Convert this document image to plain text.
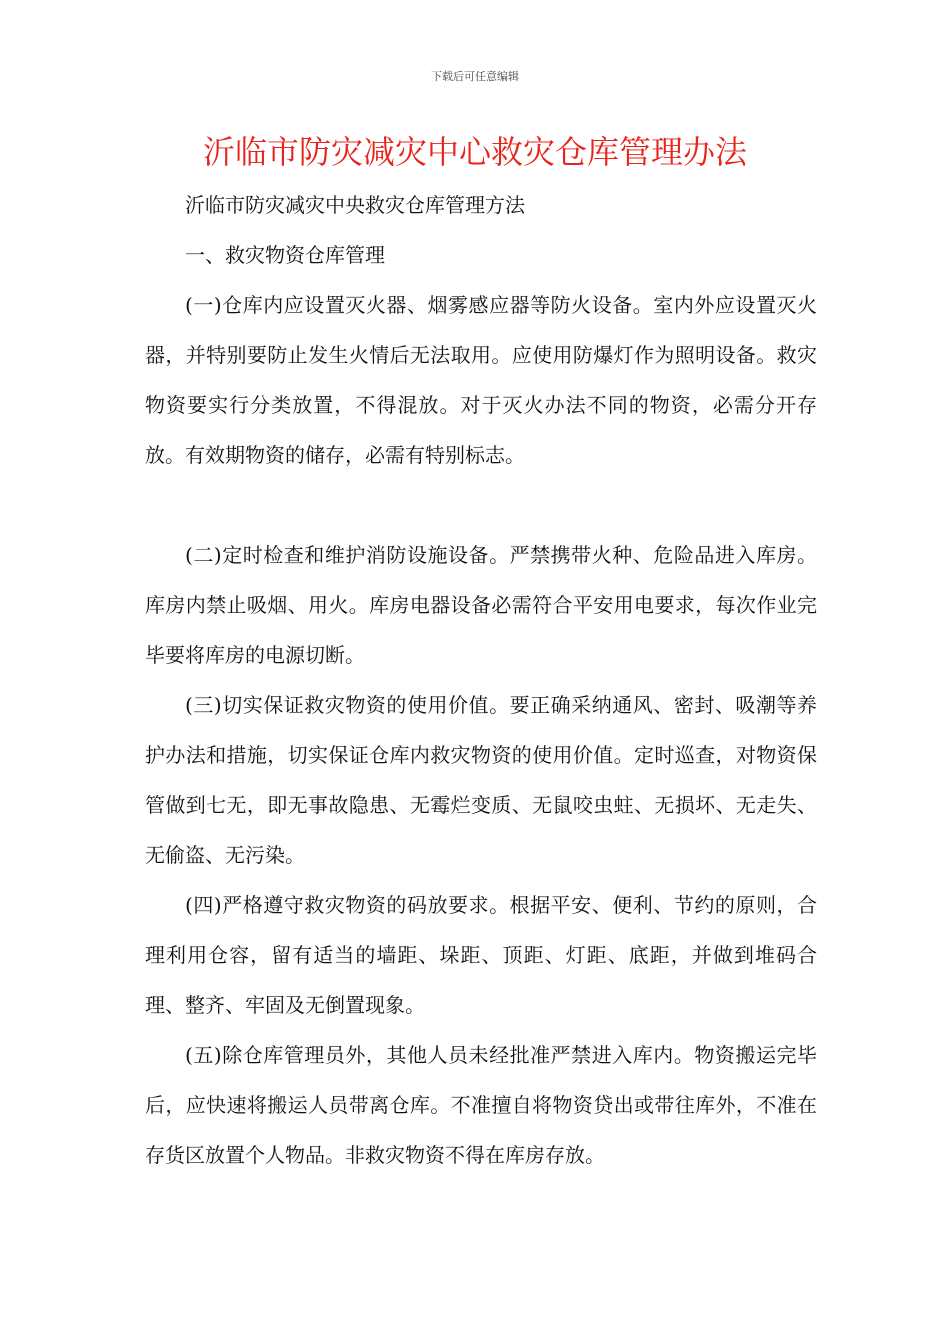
下载后可任意编辑
沂临市防灾减灾中心救灾仓库管理办法

沂临市防灾减灾中央救灾仓库管理方法

一、救灾物资仓库管理

(一)仓库内应设置灭火器、烟雾感应器等防火设备。室内外应设置灭火器，并特别要防止发生火情后无法取用。应使用防爆灯作为照明设备。救灾物资要实行分类放置，不得混放。对于灭火办法不同的物资，必需分开存放。有效期物资的储存，必需有特别标志。

(二)定时检查和维护消防设施设备。严禁携带火种、危险品进入库房。库房内禁止吸烟、用火。库房电器设备必需符合平安用电要求，每次作业完毕要将库房的电源切断。

(三)切实保证救灾物资的使用价值。要正确采纳通风、密封、吸潮等养护办法和措施，切实保证仓库内救灾物资的使用价值。定时巡查，对物资保管做到七无，即无事故隐患、无霉烂变质、无鼠咬虫蛀、无损坏、无走失、无偷盗、无污染。

(四)严格遵守救灾物资的码放要求。根据平安、便利、节约的原则，合理利用仓容，留有适当的墙距、垛距、顶距、灯距、底距，并做到堆码合理、整齐、牢固及无倒置现象。

(五)除仓库管理员外，其他人员未经批准严禁进入库内。物资搬运完毕后，应快速将搬运人员带离仓库。不准擅自将物资贷出或带往库外，不准在存货区放置个人物品。非救灾物资不得在库房存放。
